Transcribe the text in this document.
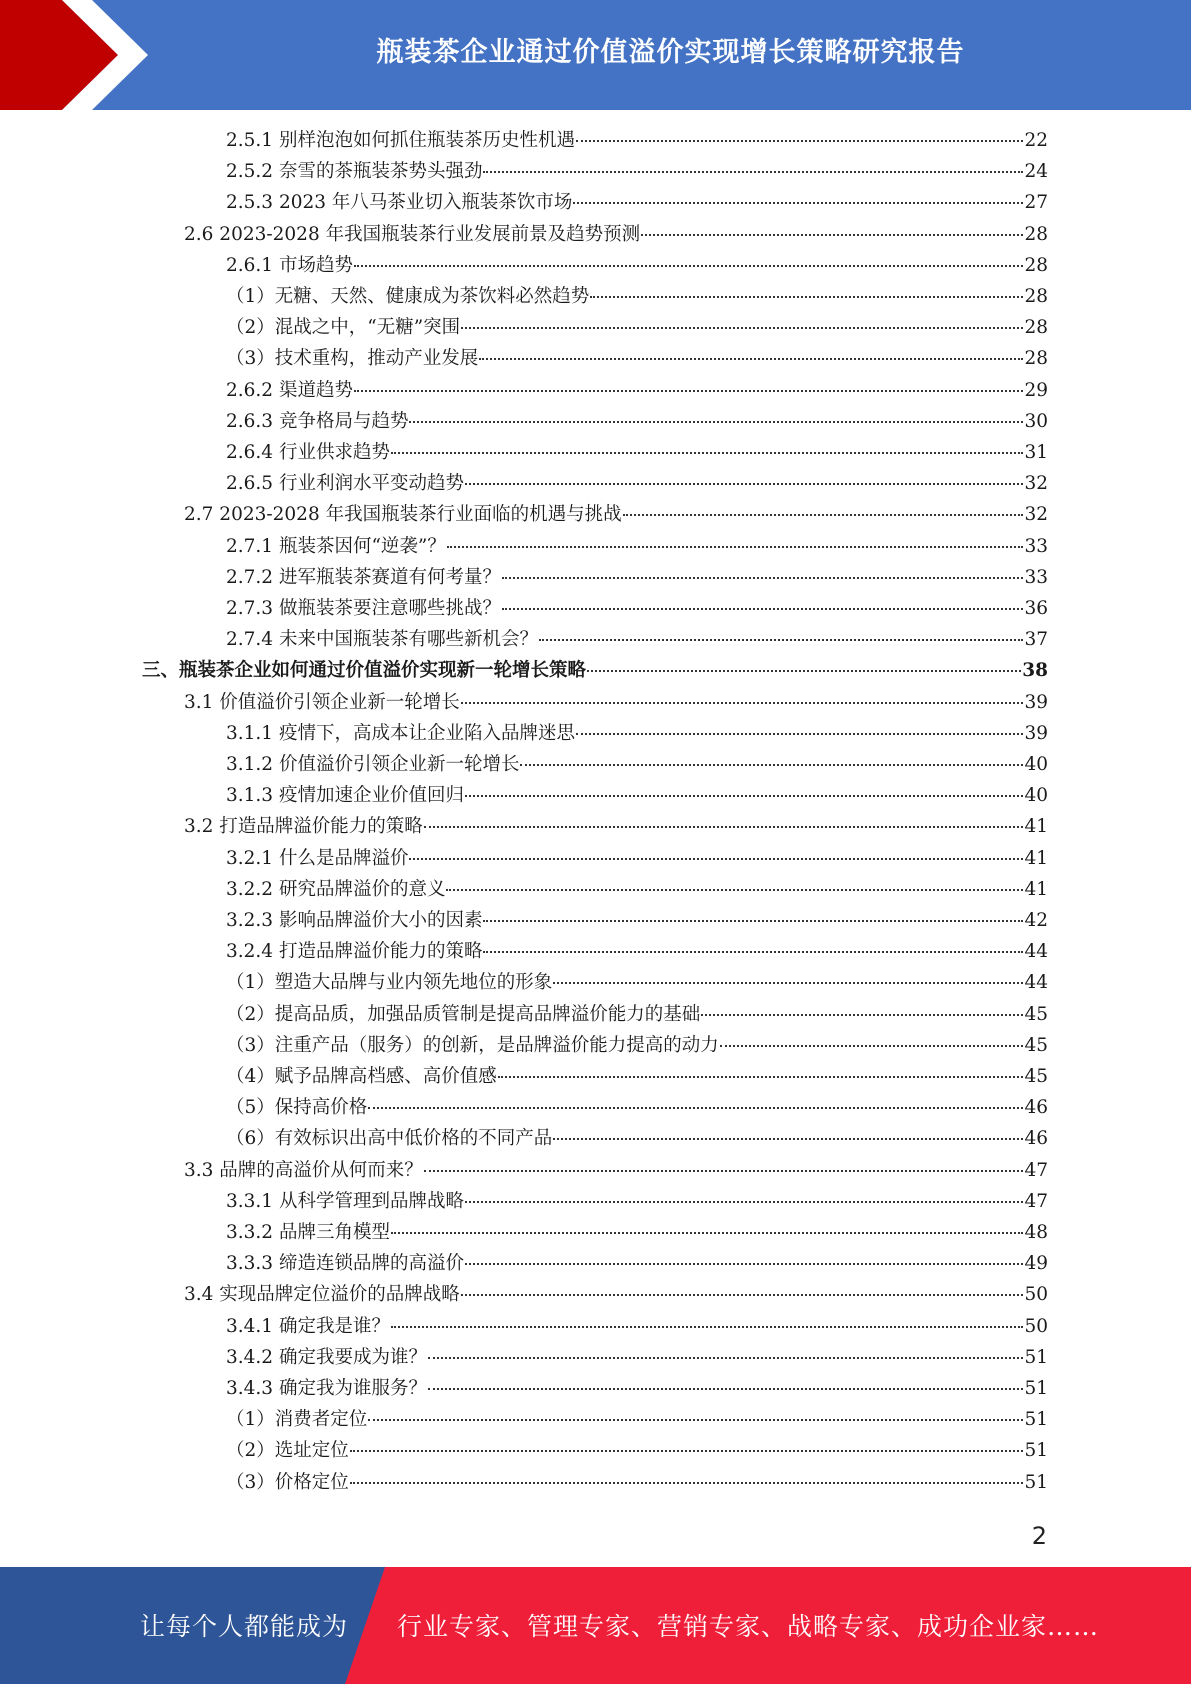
瓶装茶企业通过价值溢价实现增长策略研究报告
2.5.1 别样泡泡如何抓住瓶装茶历史性机遇	22
2.5.2 奈雪的茶瓶装茶势头强劲	24
2.5.3 2023 年八马茶业切入瓶装茶饮市场	27
2.6 2023-2028 年我国瓶装茶行业发展前景及趋势预测	28
2.6.1 市场趋势	28
（1）无糖、天然、健康成为茶饮料必然趋势	28
（2）混战之中，“无糖”突围	28
（3）技术重构，推动产业发展	28
2.6.2 渠道趋势	29
2.6.3 竞争格局与趋势	30
2.6.4 行业供求趋势	31
2.6.5 行业利润水平变动趋势	32
2.7 2023-2028 年我国瓶装茶行业面临的机遇与挑战	32
2.7.1 瓶装茶因何“逆袭”？	33
2.7.2 进军瓶装茶赛道有何考量？	33
2.7.3 做瓶装茶要注意哪些挑战？	36
2.7.4 未来中国瓶装茶有哪些新机会？	37
三、瓶装茶企业如何通过价值溢价实现新一轮增长策略	38
3.1 价值溢价引领企业新一轮增长	39
3.1.1 疫情下，高成本让企业陷入品牌迷思	39
3.1.2 价值溢价引领企业新一轮增长	40
3.1.3 疫情加速企业价值回归	40
3.2 打造品牌溢价能力的策略	41
3.2.1 什么是品牌溢价	41
3.2.2 研究品牌溢价的意义	41
3.2.3 影响品牌溢价大小的因素	42
3.2.4 打造品牌溢价能力的策略	44
（1）塑造大品牌与业内领先地位的形象	44
（2）提高品质，加强品质管制是提高品牌溢价能力的基础	45
（3）注重产品（服务）的创新，是品牌溢价能力提高的动力	45
（4）赋予品牌高档感、高价值感	45
（5）保持高价格	46
（6）有效标识出高中低价格的不同产品	46
3.3 品牌的高溢价从何而来？	47
3.3.1 从科学管理到品牌战略	47
3.3.2 品牌三角模型	48
3.3.3 缔造连锁品牌的高溢价	49
3.4 实现品牌定位溢价的品牌战略	50
3.4.1 确定我是谁？	50
3.4.2 确定我要成为谁？	51
3.4.3 确定我为谁服务？	51
（1）消费者定位	51
（2）选址定位	51
（3）价格定位	51
2
让每个人都能成为 行业专家、管理专家、营销专家、战略专家、成功企业家……
